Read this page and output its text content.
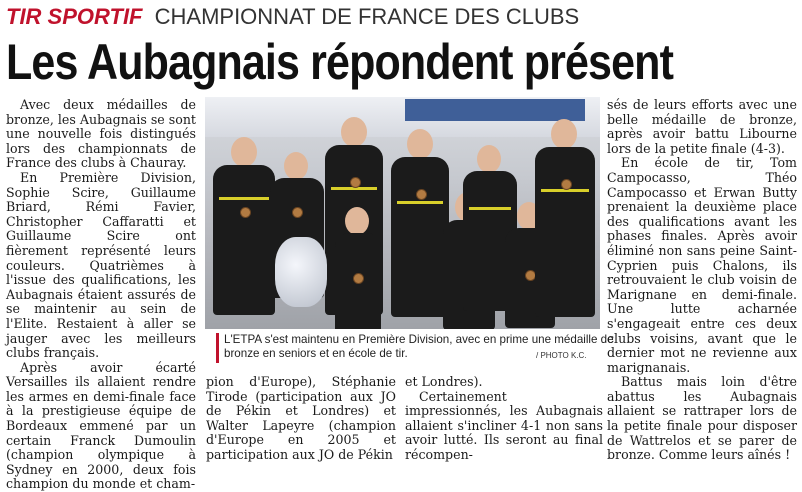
TIR SPORTIF CHAMPIONNAT DE FRANCE DES CLUBS
Les Aubagnais répondent présent

Avec deux médailles de bronze, les Aubagnais se sont une nouvelle fois distingués lors des championnats de France des clubs à Chauray.

En Première Division, Sophie Scire, Guillaume Briard, Rémi Favier, Christopher Caffaratti et Guillaume Scire ont fièrement représenté leurs couleurs. Quatrièmes à l'issue des qualifications, les Aubagnais étaient assurés de se maintenir au sein de l'Elite. Restaient à aller se jauger avec les meilleurs clubs français.

Après avoir écarté Versailles ils allaient rendre les armes en demi-finale face à la prestigieuse équipe de Bordeaux emmené par un certain Franck Dumoulin (champion olympique à Sydney en 2000, deux fois champion du monde et cham-

L'ETPA s'est maintenu en Première Division, avec en prime une médaille de bronze en seniors et en école de tir.	/ PHOTO K.C.

pion d'Europe), Stéphanie Tirode (participation aux JO de Pékin et Londres) et Walter Lapeyre (champion d'Europe en 2005 et participation aux JO de Pékin

et Londres).

Certainement impressionnés, les Aubagnais allaient s'incliner 4-1 non sans avoir lutté. Ils seront au final récompen-

sés de leurs efforts avec une belle médaille de bronze, après avoir battu Libourne lors de la petite finale (4-3).

En école de tir, Tom Campocasso, Théo Campocasso et Erwan Butty prenaient la deuxième place des qualifications avant les phases finales. Après avoir éliminé non sans peine Saint-Cyprien puis Chalons, ils retrouvaient le club voisin de Marignane en demi-finale. Une lutte acharnée s'engageait entre ces deux clubs voisins, avant que le dernier mot ne revienne aux marignanais.

Battus mais loin d'être abattus les Aubagnais allaient se rattraper lors de la petite finale pour disposer de Wattrelos et se parer de bronze. Comme leurs aînés !
